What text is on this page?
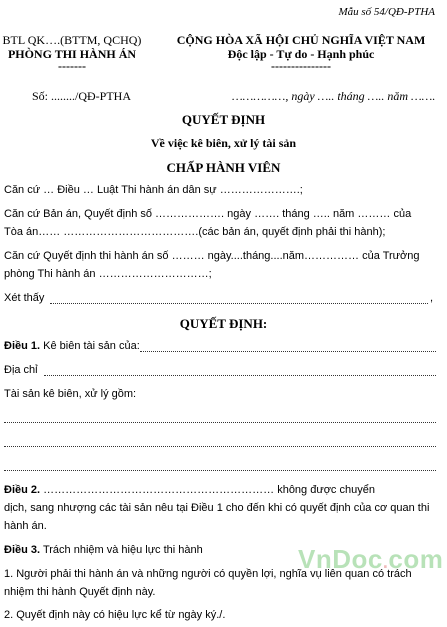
Mẫu số 54/QĐ-PTHA
BTL QK….(BTTM, QCHQ)
PHÒNG THI HÀNH ÁN
-------
CỘNG HÒA XÃ HỘI CHỦ NGHĨA VIỆT NAM
Độc lập - Tự do - Hạnh phúc
---------------
Số: ......../QĐ-PTHA	……………, ngày ….. tháng ….. năm …….
QUYẾT ĐỊNH
Về việc kê biên, xử lý tài sản
CHẤP HÀNH VIÊN
Căn cứ … Điều … Luật Thi hành án dân sự ………………….;
Căn cứ Bản án, Quyết định số ………………. ngày ……. tháng ….. năm ……… của
Tòa án…… ……………………………….(các bản án, quyết định phải thi hành);
Căn cứ Quyết định thi hành án số ……… ngày....tháng....năm…………… của Trưởng
phòng Thi hành án …………………………;
Xét thấy	,
QUYẾT ĐỊNH:
Điều 1. Kê biên tài sản của:
Địa chỉ
Tài sản kê biên, xử lý gồm:
Điều 2. ……………………………………………………… không được chuyển
dịch, sang nhượng các tài sản nêu tại Điều 1 cho đến khi có quyết định của cơ quan thi
hành án.
Điều 3. Trách nhiệm và hiệu lực thi hành
1. Người phải thi hành án và những người có quyền lợi, nghĩa vụ liên quan có trách
nhiệm thi hành Quyết định này.
2. Quyết định này có hiệu lực kể từ ngày ký./.
VnDoc.com
